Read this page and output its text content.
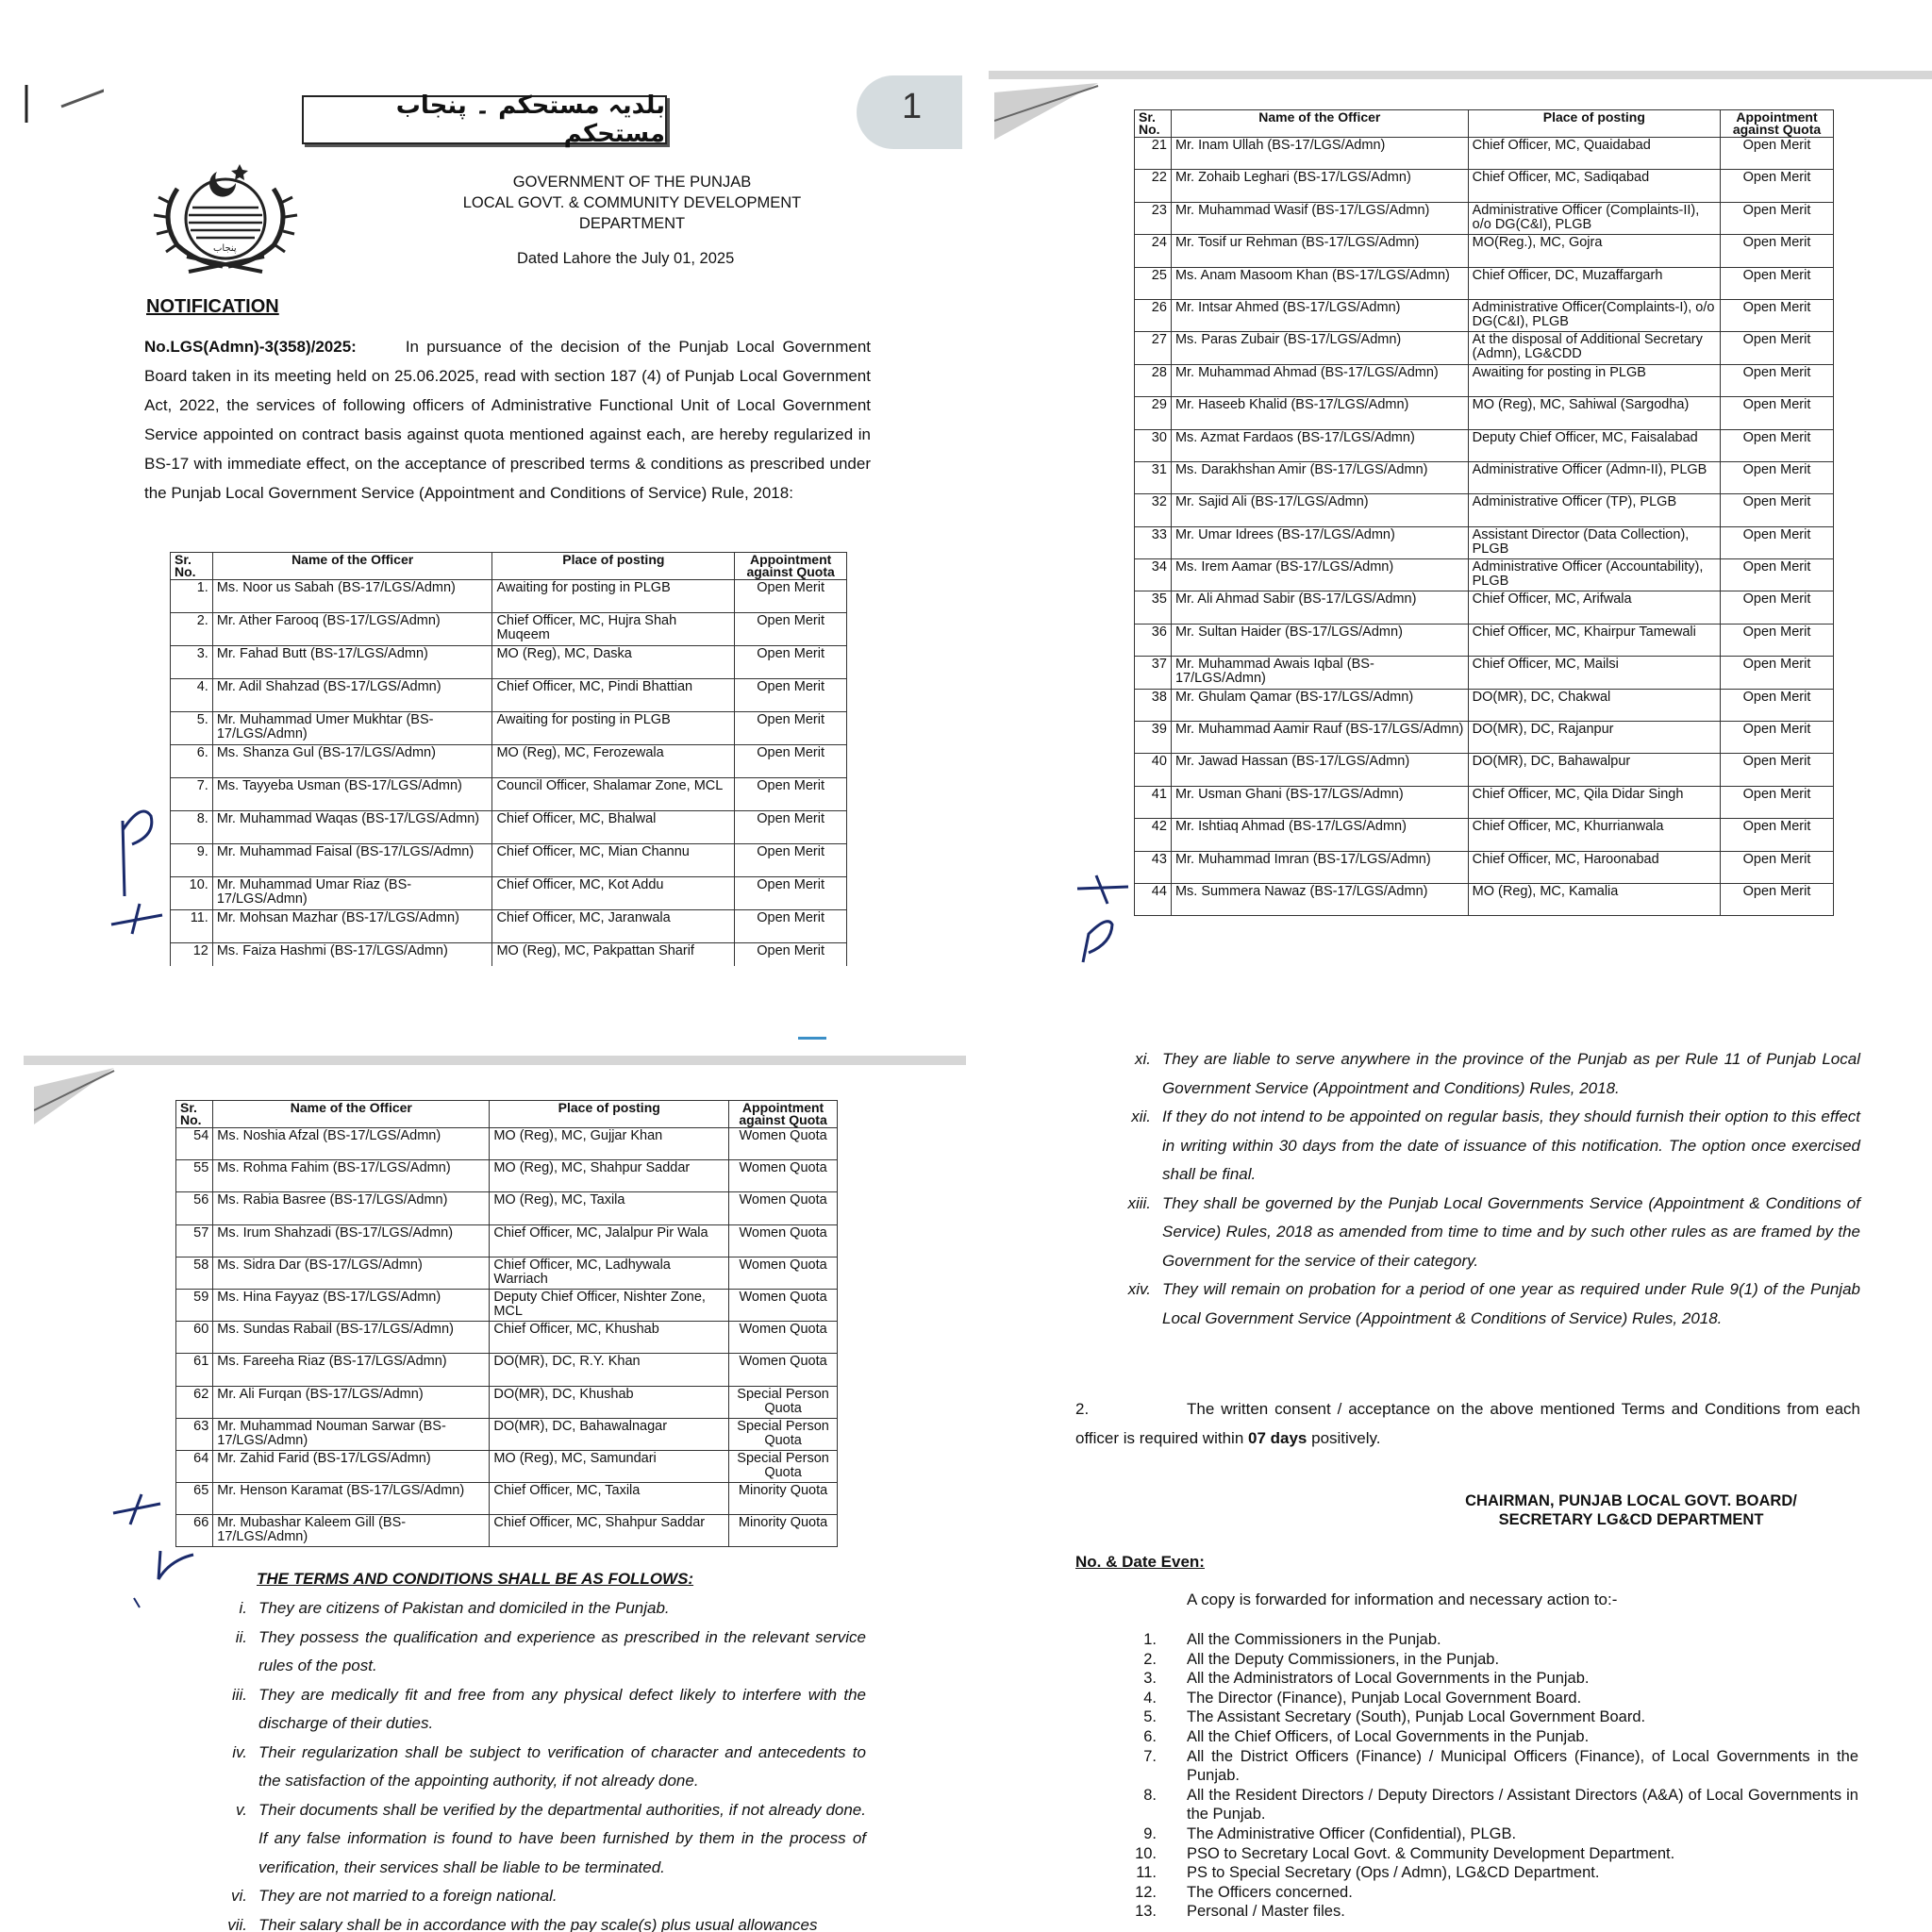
1
بلدیہ مستحکم ۔ پنجاب مستحکم
پنجاب
GOVERNMENT OF THE PUNJAB
LOCAL GOVT. & COMMUNITY DEVELOPMENT
DEPARTMENT
Dated Lahore the July 01, 2025
NOTIFICATION
No.LGS(Admn)-3(358)/2025:	In pursuance of the decision of the Punjab Local Government Board taken in its meeting held on 25.06.2025, read with section 187 (4) of Punjab Local Government Act, 2022, the services of following officers of Administrative Functional Unit of Local Government Service appointed on contract basis against quota mentioned against each, are hereby regularized in BS-17 with immediate effect, on the acceptance of prescribed terms & conditions as prescribed under the Punjab Local Government Service (Appointment and Conditions of Service) Rule, 2018:
Sr. No.	Name of the Officer	Place of posting	Appointment against Quota
1.	Ms. Noor us Sabah (BS-17/LGS/Admn)	Awaiting for posting in PLGB	Open Merit
2.	Mr. Ather Farooq (BS-17/LGS/Admn)	Chief Officer, MC, Hujra Shah Muqeem	Open Merit
3.	Mr. Fahad Butt (BS-17/LGS/Admn)	MO (Reg), MC, Daska	Open Merit
4.	Mr. Adil Shahzad (BS-17/LGS/Admn)	Chief Officer, MC, Pindi Bhattian	Open Merit
5.	Mr. Muhammad Umer Mukhtar (BS-17/LGS/Admn)	Awaiting for posting in PLGB	Open Merit
6.	Ms. Shanza Gul (BS-17/LGS/Admn)	MO (Reg), MC, Ferozewala	Open Merit
7.	Ms. Tayyeba Usman (BS-17/LGS/Admn)	Council Officer, Shalamar Zone, MCL	Open Merit
8.	Mr. Muhammad Waqas (BS-17/LGS/Admn)	Chief Officer, MC, Bhalwal	Open Merit
9.	Mr. Muhammad Faisal (BS-17/LGS/Admn)	Chief Officer, MC, Mian Channu	Open Merit
10.	Mr. Muhammad Umar Riaz (BS-17/LGS/Admn)	Chief Officer, MC, Kot Addu	Open Merit
11.	Mr. Mohsan Mazhar (BS-17/LGS/Admn)	Chief Officer, MC, Jaranwala	Open Merit
12	Ms. Faiza Hashmi (BS-17/LGS/Admn)	MO (Reg), MC, Pakpattan Sharif	Open Merit
Sr. No.	Name of the Officer	Place of posting	Appointment against Quota
21	Mr. Inam Ullah (BS-17/LGS/Admn)	Chief Officer, MC, Quaidabad	Open Merit
22	Mr. Zohaib Leghari (BS-17/LGS/Admn)	Chief Officer, MC, Sadiqabad	Open Merit
23	Mr. Muhammad Wasif (BS-17/LGS/Admn)	Administrative Officer (Complaints-II), o/o DG(C&I), PLGB	Open Merit
24	Mr. Tosif ur Rehman (BS-17/LGS/Admn)	MO(Reg.), MC, Gojra	Open Merit
25	Ms. Anam Masoom Khan (BS-17/LGS/Admn)	Chief Officer, DC, Muzaffargarh	Open Merit
26	Mr. Intsar Ahmed (BS-17/LGS/Admn)	Administrative Officer(Complaints-I), o/o DG(C&I), PLGB	Open Merit
27	Ms. Paras Zubair (BS-17/LGS/Admn)	At the disposal of Additional Secretary (Admn), LG&CDD	Open Merit
28	Mr. Muhammad Ahmad (BS-17/LGS/Admn)	Awaiting for posting in PLGB	Open Merit
29	Mr. Haseeb Khalid (BS-17/LGS/Admn)	MO (Reg), MC, Sahiwal (Sargodha)	Open Merit
30	Ms. Azmat Fardaos (BS-17/LGS/Admn)	Deputy Chief Officer, MC, Faisalabad	Open Merit
31	Ms. Darakhshan Amir (BS-17/LGS/Admn)	Administrative Officer (Admn-II), PLGB	Open Merit
32	Mr. Sajid Ali (BS-17/LGS/Admn)	Administrative Officer (TP), PLGB	Open Merit
33	Mr. Umar Idrees (BS-17/LGS/Admn)	Assistant Director (Data Collection), PLGB	Open Merit
34	Ms. Irem Aamar (BS-17/LGS/Admn)	Administrative Officer (Accountability), PLGB	Open Merit
35	Mr. Ali Ahmad Sabir (BS-17/LGS/Admn)	Chief Officer, MC, Arifwala	Open Merit
36	Mr. Sultan Haider (BS-17/LGS/Admn)	Chief Officer, MC, Khairpur Tamewali	Open Merit
37	Mr. Muhammad Awais Iqbal (BS-17/LGS/Admn)	Chief Officer, MC, Mailsi	Open Merit
38	Mr. Ghulam Qamar (BS-17/LGS/Admn)	DO(MR), DC, Chakwal	Open Merit
39	Mr. Muhammad Aamir Rauf (BS-17/LGS/Admn)	DO(MR), DC, Rajanpur	Open Merit
40	Mr. Jawad Hassan (BS-17/LGS/Admn)	DO(MR), DC, Bahawalpur	Open Merit
41	Mr. Usman Ghani (BS-17/LGS/Admn)	Chief Officer, MC, Qila Didar Singh	Open Merit
42	Mr. Ishtiaq Ahmad (BS-17/LGS/Admn)	Chief Officer, MC, Khurrianwala	Open Merit
43	Mr. Muhammad Imran (BS-17/LGS/Admn)	Chief Officer, MC, Haroonabad	Open Merit
44	Ms. Summera Nawaz (BS-17/LGS/Admn)	MO (Reg), MC, Kamalia	Open Merit
Sr. No.	Name of the Officer	Place of posting	Appointment against Quota
54	Ms. Noshia Afzal (BS-17/LGS/Admn)	MO (Reg), MC, Gujjar Khan	Women Quota
55	Ms. Rohma Fahim (BS-17/LGS/Admn)	MO (Reg), MC, Shahpur Saddar	Women Quota
56	Ms. Rabia Basree (BS-17/LGS/Admn)	MO (Reg), MC, Taxila	Women Quota
57	Ms. Irum Shahzadi (BS-17/LGS/Admn)	Chief Officer, MC, Jalalpur Pir Wala	Women Quota
58	Ms. Sidra Dar (BS-17/LGS/Admn)	Chief Officer, MC, Ladhywala Warriach	Women Quota
59	Ms. Hina Fayyaz (BS-17/LGS/Admn)	Deputy Chief Officer, Nishter Zone, MCL	Women Quota
60	Ms. Sundas Rabail (BS-17/LGS/Admn)	Chief Officer, MC, Khushab	Women Quota
61	Ms. Fareeha Riaz (BS-17/LGS/Admn)	DO(MR), DC, R.Y. Khan	Women Quota
62	Mr. Ali Furqan (BS-17/LGS/Admn)	DO(MR), DC, Khushab	Special Person Quota
63	Mr. Muhammad Nouman Sarwar (BS-17/LGS/Admn)	DO(MR), DC, Bahawalnagar	Special Person Quota
64	Mr. Zahid Farid (BS-17/LGS/Admn)	MO (Reg), MC, Samundari	Special Person Quota
65	Mr. Henson Karamat (BS-17/LGS/Admn)	Chief Officer, MC, Taxila	Minority Quota
66	Mr. Mubashar Kaleem Gill (BS-17/LGS/Admn)	Chief Officer, MC, Shahpur Saddar	Minority Quota
THE TERMS AND CONDITIONS SHALL BE AS FOLLOWS:
i. They are citizens of Pakistan and domiciled in the Punjab.
ii. They possess the qualification and experience as prescribed in the relevant service rules of the post.
iii. They are medically fit and free from any physical defect likely to interfere with the discharge of their duties.
iv. Their regularization shall be subject to verification of character and antecedents to the satisfaction of the appointing authority, if not already done.
v. Their documents shall be verified by the departmental authorities, if not already done. If any false information is found to have been furnished by them in the process of verification, their services shall be liable to be terminated.
vi. They are not married to a foreign national.
vii. Their salary shall be in accordance with the pay scale(s) plus usual allowances
xi. They are liable to serve anywhere in the province of the Punjab as per Rule 11 of Punjab Local Government Service (Appointment and Conditions) Rules, 2018.
xii. If they do not intend to be appointed on regular basis, they should furnish their option to this effect in writing within 30 days from the date of issuance of this notification. The option once exercised shall be final.
xiii. They shall be governed by the Punjab Local Governments Service (Appointment & Conditions of Service) Rules, 2018 as amended from time to time and by such other rules as are framed by the Government for the service of their category.
xiv. They will remain on probation for a period of one year as required under Rule 9(1) of the Punjab Local Government Service (Appointment & Conditions of Service) Rules, 2018.
2.	The written consent / acceptance on the above mentioned Terms and Conditions from each officer is required within 07 days positively.
CHAIRMAN, PUNJAB LOCAL GOVT. BOARD/
SECRETARY LG&CD DEPARTMENT
No. & Date Even:
A copy is forwarded for information and necessary action to:-
1. All the Commissioners in the Punjab.
2. All the Deputy Commissioners, in the Punjab.
3. All the Administrators of Local Governments in the Punjab.
4. The Director (Finance), Punjab Local Government Board.
5. The Assistant Secretary (South), Punjab Local Government Board.
6. All the Chief Officers, of Local Governments in the Punjab.
7. All the District Officers (Finance) / Municipal Officers (Finance), of Local Governments in the Punjab.
8. All the Resident Directors / Deputy Directors / Assistant Directors (A&A) of Local Governments in the Punjab.
9. The Administrative Officer (Confidential), PLGB.
10. PSO to Secretary Local Govt. & Community Development Department.
11. PS to Special Secretary (Ops / Admn), LG&CD Department.
12. The Officers concerned.
13. Personal / Master files.
